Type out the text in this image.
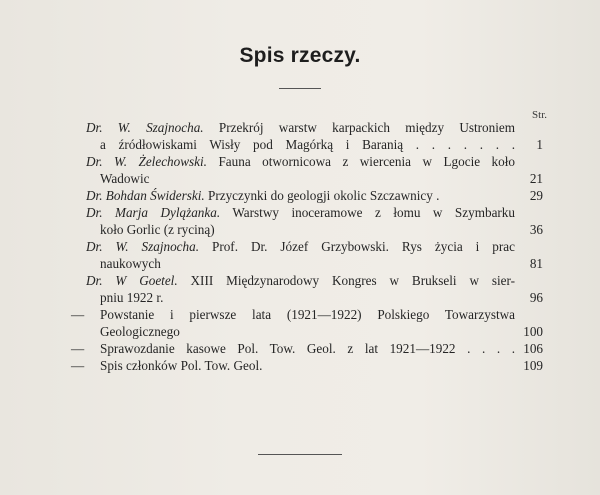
Spis rzeczy.
Str.
Dr. W. Szajnocha. Przekrój warstw karpackich między Ustroniem
a źródłowiskami Wisły pod Magórką i Baranią . . . . . . .	1
Dr. W. Żelechowski. Fauna otwornicowa z wiercenia w Lgocie koło
Wadowic	21
Dr. Bohdan Świderski. Przyczynki do geologji okolic Szczawnicy .	29
Dr. Marja Dylążanka. Warstwy inoceramowe z łomu w Szymbarku
koło Gorlic (z ryciną)	36
Dr. W. Szajnocha. Prof. Dr. Józef Grzybowski. Rys życia i prac
naukowych	81
Dr. W Goetel. XIII Międzynarodowy Kongres w Brukseli w sier-
pniu 1922 r.	96
— Powstanie i pierwsze lata (1921—1922) Polskiego Towarzystwa
Geologicznego	100
— Sprawozdanie kasowe Pol. Tow. Geol. z lat 1921—1922 . . . . 106
— Spis członków Pol. Tow. Geol.	109
